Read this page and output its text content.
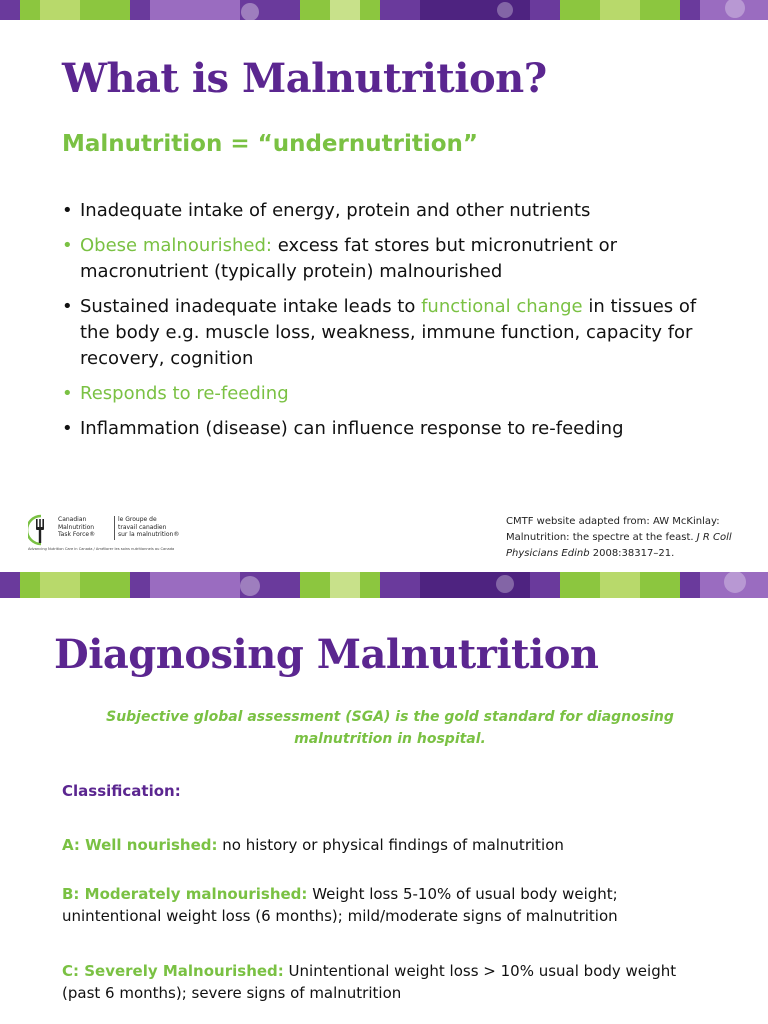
What is Malnutrition?
Malnutrition = “undernutrition”
• Inadequate intake of energy, protein and other nutrients
• Obese malnourished: excess fat stores but micronutrient or macronutrient (typically protein) malnourished
• Sustained inadequate intake leads to functional change in tissues of the body e.g. muscle loss, weakness, immune function, capacity for recovery, cognition
• Responds to re-feeding
• Inflammation (disease) can influence response to re-feeding
Canadian
Malnutrition
Task Force®
le Groupe de
travail canadien
sur la malnutrition®
Advancing Nutrition Care in Canada / Améliorer les soins nutritionnels au Canada
CMTF website adapted from: AW McKinlay: Malnutrition: the spectre at the feast. J R Coll Physicians Edinb 2008:38317–21.
Diagnosing Malnutrition

Subjective global assessment (SGA) is the gold standard for diagnosing malnutrition in hospital.

Classification:

A: Well nourished: no history or physical findings of malnutrition

B: Moderately malnourished: Weight loss 5-10% of usual body weight; unintentional weight loss (6 months); mild/moderate signs of malnutrition

C: Severely Malnourished: Unintentional weight loss > 10% usual body weight (past 6 months); severe signs of malnutrition
